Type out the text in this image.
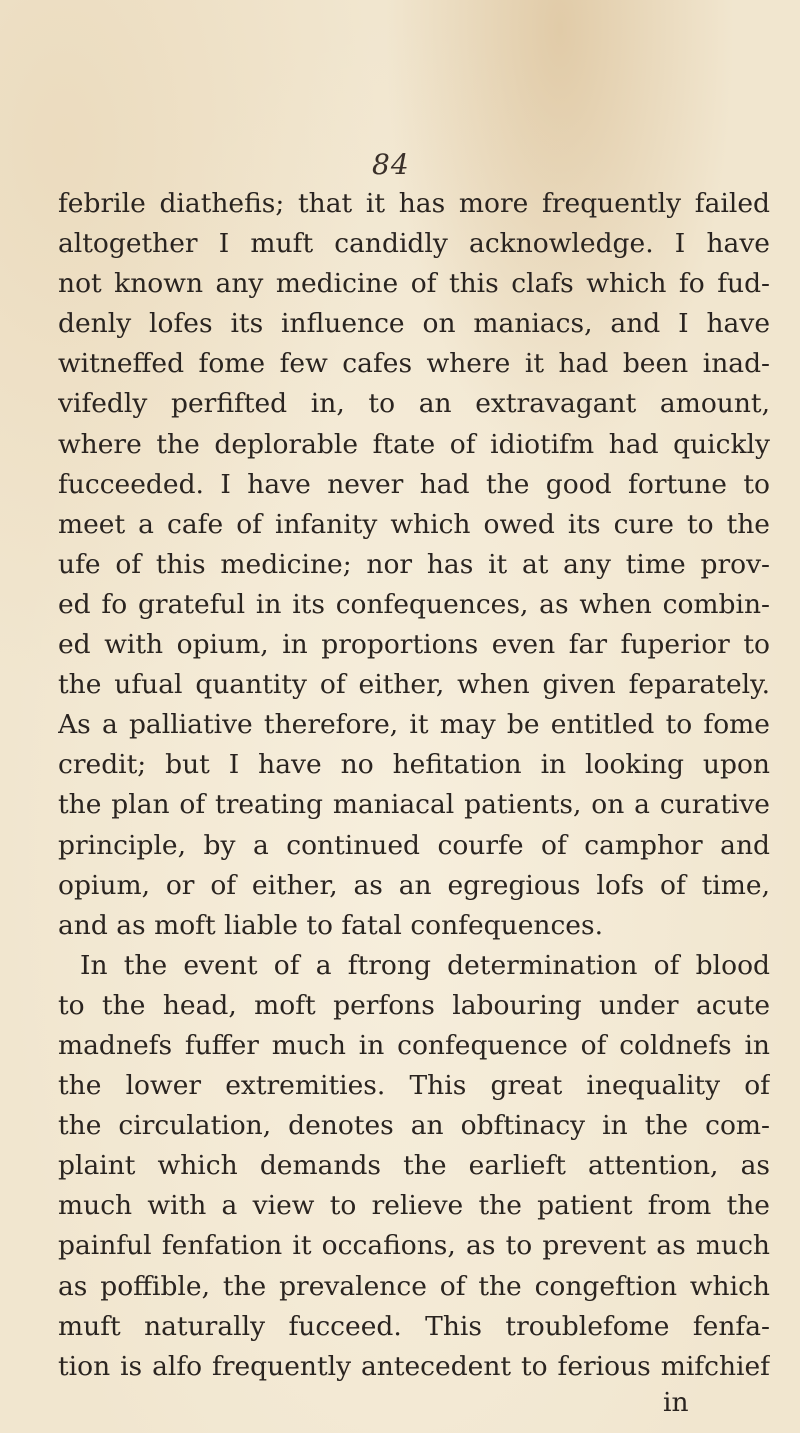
84
febrile diathefis; that it has more frequently failed
altogether I muft candidly acknowledge. I have
not known any medicine of this clafs which fo fud-
denly lofes its influence on maniacs, and I have
witneffed fome few cafes where it had been inad-
vifedly perfifted in, to an extravagant amount,
where the deplorable ftate of idiotifm had quickly
fucceeded. I have never had the good fortune to
meet a cafe of infanity which owed its cure to the
ufe of this medicine; nor has it at any time prov-
ed fo grateful in its confequences, as when combin-
ed with opium, in proportions even far fuperior to
the ufual quantity of either, when given feparately.
As a palliative therefore, it may be entitled to fome
credit; but I have no hefitation in looking upon
the plan of treating maniacal patients, on a curative
principle, by a continued courfe of camphor and
opium, or of either, as an egregious lofs of time,
and as moft liable to fatal confequences.
In the event of a ftrong determination of blood
to the head, moft perfons labouring under acute
madnefs fuffer much in confequence of coldnefs in
the lower extremities. This great inequality of
the circulation, denotes an obftinacy in the com-
plaint which demands the earlieft attention, as
much with a view to relieve the patient from the
painful fenfation it occafions, as to prevent as much
as poffible, the prevalence of the congeftion which
muft naturally fucceed. This troublefome fenfa-
tion is alfo frequently antecedent to ferious mifchief
in
